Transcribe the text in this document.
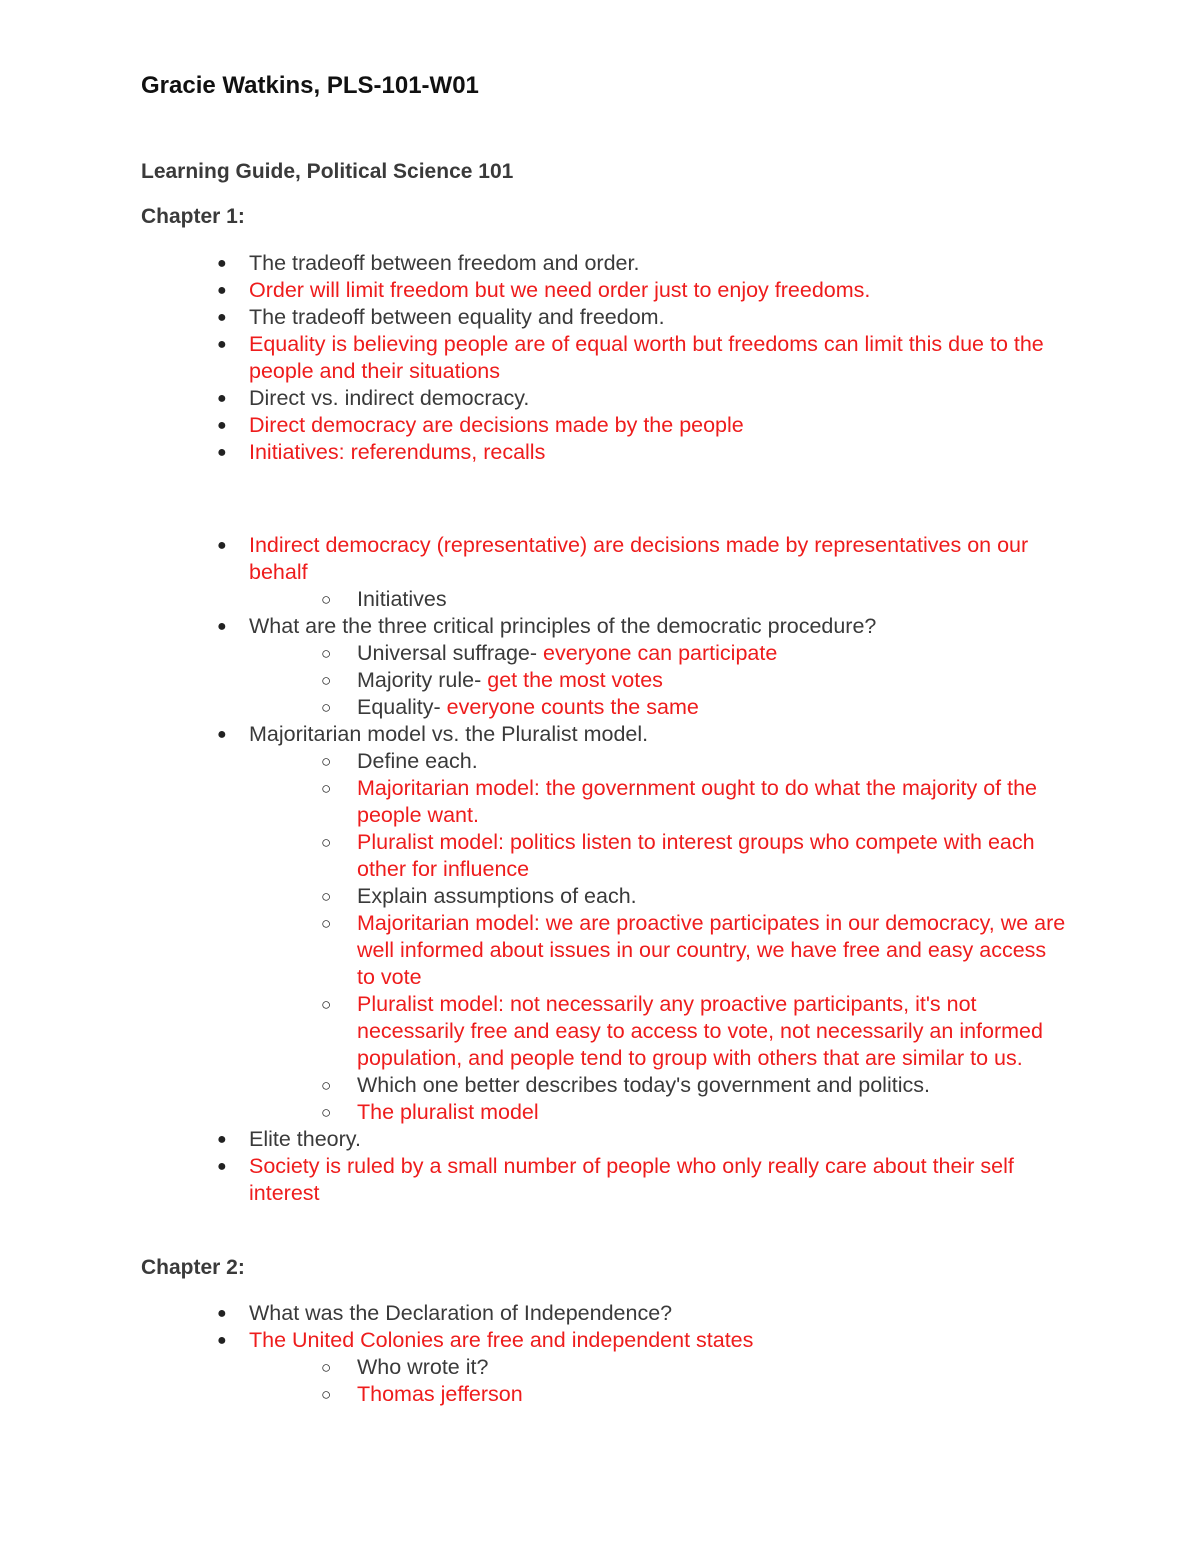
Gracie Watkins, PLS-101-W01
Learning Guide, Political Science 101
Chapter 1:
● The tradeoff between freedom and order.
● Order will limit freedom but we need order just to enjoy freedoms.
● The tradeoff between equality and freedom.
● Equality is believing people are of equal worth but freedoms can limit this due to the people and their situations
● Direct vs. indirect democracy.
● Direct democracy are decisions made by the people
● Initiatives: referendums, recalls
● Indirect democracy (representative) are decisions made by representatives on our behalf
○ Initiatives
● What are the three critical principles of the democratic procedure?
○ Universal suffrage- everyone can participate
○ Majority rule- get the most votes
○ Equality- everyone counts the same
● Majoritarian model vs. the Pluralist model.
○ Define each.
○ Majoritarian model: the government ought to do what the majority of the people want.
○ Pluralist model: politics listen to interest groups who compete with each other for influence
○ Explain assumptions of each.
○ Majoritarian model: we are proactive participates in our democracy, we are well informed about issues in our country, we have free and easy access to vote
○ Pluralist model: not necessarily any proactive participants, it's not necessarily free and easy to access to vote, not necessarily an informed population, and people tend to group with others that are similar to us.
○ Which one better describes today's government and politics.
○ The pluralist model
● Elite theory.
● Society is ruled by a small number of people who only really care about their self interest
Chapter 2:
● What was the Declaration of Independence?
● The United Colonies are free and independent states
○ Who wrote it?
○ Thomas jefferson
